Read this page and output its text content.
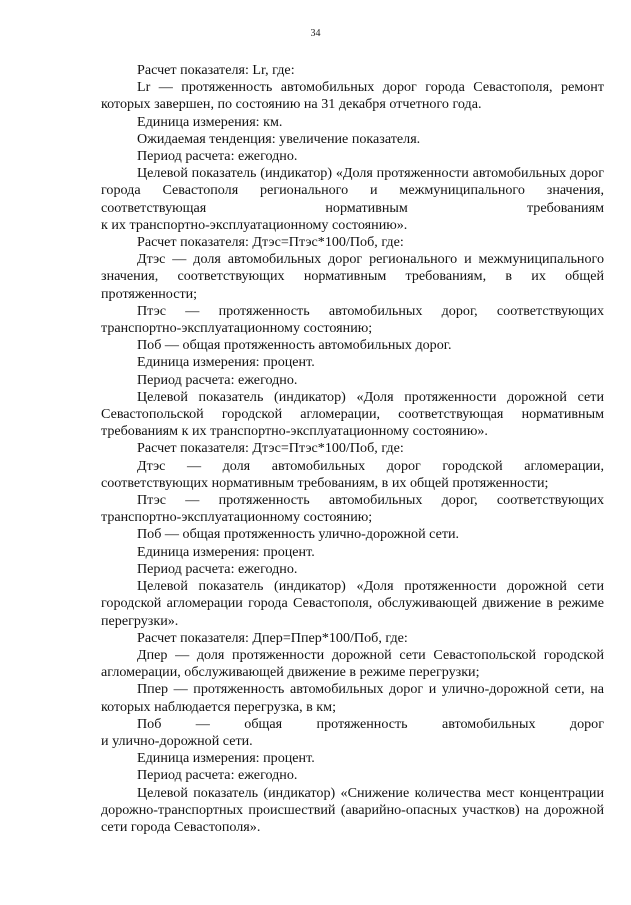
34

Расчет показателя: Lr, где:

Lr — протяженность автомобильных дорог города Севастополя, ремонт которых завершен, по состоянию на 31 декабря отчетного года.

Единица измерения: км.

Ожидаемая тенденция: увеличение показателя.

Период расчета: ежегодно.

Целевой показатель (индикатор) «Доля протяженности автомобильных дорог города Севастополя регионального и межмуниципального значения, соответствующая нормативным требованиям

к их транспортно-эксплуатационному состоянию».

Расчет показателя: Дтэс=Птэс*100/Поб, где:

Дтэс — доля автомобильных дорог регионального и межмуниципального значения, соответствующих нормативным требованиям, в их общей протяженности;

Птэс — протяженность автомобильных дорог, соответствующих транспортно-эксплуатационному состоянию;

Поб — общая протяженность автомобильных дорог.

Единица измерения: процент.

Период расчета: ежегодно.

Целевой показатель (индикатор) «Доля протяженности дорожной сети Севастопольской городской агломерации, соответствующая нормативным требованиям к их транспортно-эксплуатационному состоянию».

Расчет показателя: Дтэс=Птэс*100/Поб, где:

Дтэс — доля автомобильных дорог городской агломерации, соответствующих нормативным требованиям, в их общей протяженности;

Птэс — протяженность автомобильных дорог, соответствующих транспортно-эксплуатационному состоянию;

Поб — общая протяженность улично-дорожной сети.

Единица измерения: процент.

Период расчета: ежегодно.

Целевой показатель (индикатор) «Доля протяженности дорожной сети городской агломерации города Севастополя, обслуживающей движение в режиме перегрузки».

Расчет показателя: Дпер=Ппер*100/Поб, где:

Дпер — доля протяженности дорожной сети Севастопольской городской агломерации, обслуживающей движение в режиме перегрузки;

Ппер — протяженность автомобильных дорог и улично-дорожной сети, на которых наблюдается перегрузка, в км;

Поб — общая протяженность автомобильных дорог

и улично-дорожной сети.

Единица измерения: процент.

Период расчета: ежегодно.

Целевой показатель (индикатор) «Снижение количества мест концентрации дорожно-транспортных происшествий (аварийно-опасных участков) на дорожной сети города Севастополя».
